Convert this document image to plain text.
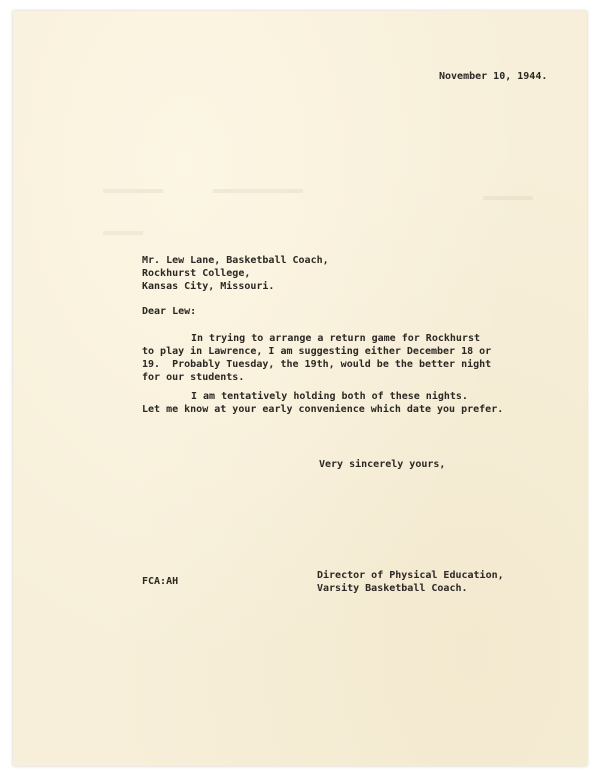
November 10, 1944.
Mr. Lew Lane, Basketball Coach,
Rockhurst College,
Kansas City, Missouri.
Dear Lew:
In trying to arrange a return game for Rockhurst
to play in Lawrence, I am suggesting either December 18 or
19.  Probably Tuesday, the 19th, would be the better night
for our students.
I am tentatively holding both of these nights.
Let me know at your early convenience which date you prefer.
Very sincerely yours,
FCA:AH
Director of Physical Education,
Varsity Basketball Coach.
